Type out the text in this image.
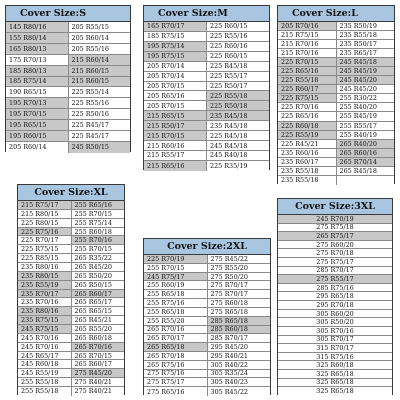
Cover Size:S
145 R80/16	205 R55/15
155 R80/14	205 R60/14
165 R80/13	205 R55/16
175 R70/13	215 R60/14
185 R80/13	215 R60/15
185 R75/14	215 R60/15
190 R65/15	225 R55/14
195 R70/13	225 R55/16
195 R70/15	225 R50/16
195 R65/15	225 R45/17
195 R60/15	225 R45/17
205 R60/14	245 R50/15
Cover Size:M
165 R70/17	225 R60/15
185 R75/15	225 R55/16
195 R75/14	225 R60/16
195 R75/15	225 R60/15
205 R70/14	225 R45/18
205 R70/14	225 R55/17
205 R70/15	225 R50/17
205 R65/16	225 R55/18
205 R70/15	225 R50/18
215 R65/15	235 R45/18
215 R50/17	235 R45/18
215 R70/15	225 R45/18
215 R60/16	245 R45/18
215 R55/17	245 R40/18
215 R65/16	225 R35/19
Cover Size:L
205 R70/16	235 R50/19
215 R75/15	235 R55/18
215 R70/16	235 R50/17
215 R70/16	235 R65/17
225 R70/15	245 R45/18
225 R65/16	245 R45/19
225 R55/18	245 R45/20
225 R60/17	245 R45/20
225 R75/15	255 R30/22
225 R70/16	255 R40/20
225 R65/16	255 R45/19
225 R60/18	255 R55/17
225 R55/19	255 R40/19
225 R45/21	265 R40/20
235 R60/16	265 R60/16
235 R60/17	265 R70/14
235 R55/18	265 R45/18
235 R55/18
Cover Size:XL
215 R75/17	255 R65/16
215 R80/15	255 R70/15
225 R80/15	255 R75/14
225 R75/16	255 R60/18
225 R70/17	255 R70/16
225 R75/15	255 R70/15
225 R85/15	265 R35/22
235 R80/16	265 R45/20
235 R80/15	265 R50/20
235 R55/19	265 R50/15
235 R70/17	265 R60/17
235 R70/16	265 R65/17
235 R80/16	265 R65/15
235 R75/15	265 R45/21
245 R75/15	265 R55/20
245 R70/16	265 R60/18
245 R70/16	265 R70/16
245 R65/17	265 R70/15
245 R60/18	265 R60/17
245 R55/19	275 R45/20
255 R55/18	275 R40/21
255 R55/18	275 R40/21
Cover Size:2XL
225 R70/19	275 R45/22
255 R70/15	275 R55/20
245 R75/17	275 R50/20
255 R60/19	275 R70/17
255 R65/18	275 R70/17
255 R75/16	275 R60/18
255 R65/18	275 R65/18
255 R55/20	285 R65/18
265 R70/16	285 R60/18
265 R70/17	285 R70/17
265 R65/18	295 R45/20
265 R70/18	295 R40/21
265 R75/16	305 R40/22
275 R75/16	305 R35/24
275 R75/17	305 R40/23
275 R65/16	305 R45/22
Cover Size:3XL
245 R70/19
275 R75/18
265 R75/17
275 R60/20
275 R70/18
275 R75/17
285 R70/17
275 R55/17
285 R75/16
295 R65/18
295 R70/18
305 R60/20
305 R50/20
305 R70/16
305 R70/17
315 R70/17
315 R75/16
325 R60/18
325 R65/18
325 R65/18
325 R65/18
